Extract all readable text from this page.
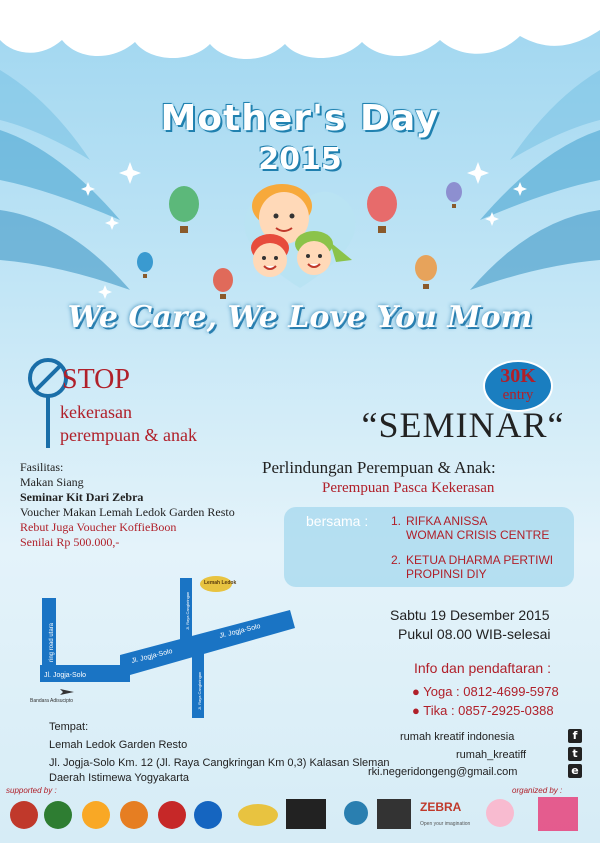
Mother's Day
2015
We Care, We Love You Mom
STOP
kekerasan
perempuan & anak
30K
entry
“SEMINAR“
Perlindungan Perempuan & Anak:
Perempuan Pasca Kekerasan
bersama : 1. RIFKA ANISSA
WOMAN CRISIS CENTRE
2. KETUA DHARMA PERTIWI
PROPINSI DIY
Fasilitas:
Makan Siang
Seminar Kit Dari Zebra
Voucher Makan Lemah Ledok Garden Resto
Rebut Juga Voucher KoffieBoon
Senilai Rp 500.000,-
Jl. Jogja-Solo
Jl. Jogja-Solo
Jl. Jogja-Solo
ring road utara
Jl. Raya Cangkringan
Jl. Raya Cangkringan
Bandara Adisucipto
Lemah Ledok
Sabtu 19 Desember 2015
Pukul 08.00 WIB-selesai
Info dan pendaftaran :
● Yoga : 0812-4699-5978
● Tika : 0857-2925-0388
Tempat:
Lemah Ledok Garden Resto
Jl. Jogja-Solo Km. 12 (Jl. Raya Cangkringan Km 0,3) Kalasan Sleman
Daerah Istimewa Yogyakarta
rumah kreatif indonesia	f
rumah_kreatiff	t
rki.negeridongeng@gmail.com	e
supported by :	organized by :
ZEBRA
Open your imagination
